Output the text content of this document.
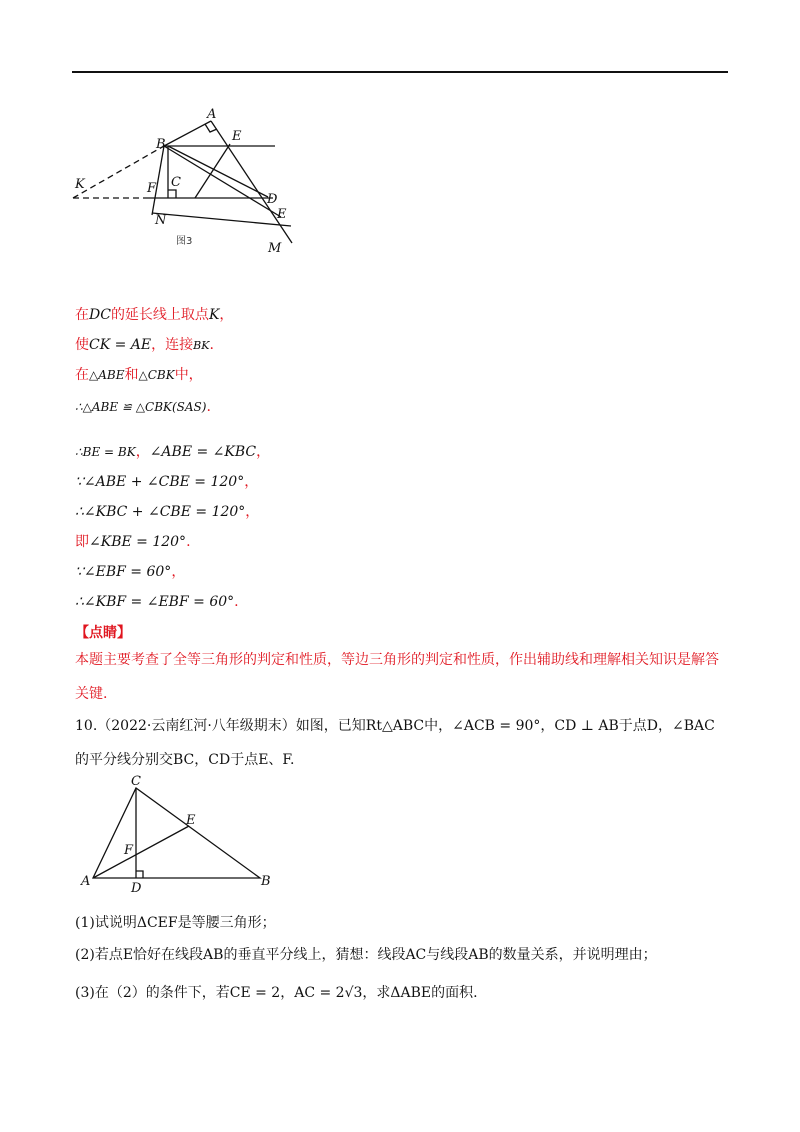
A
B
C
D
E
E
F
K
N
M
图3
在DC的延长线上取点K，
使CK = AE，连接BK.
在△ABE和△CBK中，
∴△ABE ≌ △CBK(SAS).
∴BE = BK，∠ABE = ∠KBC，
∵∠ABE + ∠CBE = 120°，
∴∠KBC + ∠CBE = 120°，
即∠KBE = 120°.
∵∠EBF = 60°，
∴∠KBF = ∠EBF = 60°.
【点睛】
本题主要考查了全等三角形的判定和性质，等边三角形的判定和性质，作出辅助线和理解相关知识是解答关键.
10.（2022·云南红河·八年级期末）如图，已知Rt△ABC中，∠ACB = 90°，CD ⊥ AB于点D，∠BAC的平分线分别交BC，CD于点E、F.
C
E
F
A	D	B
(1)试说明ΔCEF是等腰三角形；
(2)若点E恰好在线段AB的垂直平分线上，猜想：线段AC与线段AB的数量关系，并说明理由；
(3)在（2）的条件下，若CE = 2，AC = 2√3，求ΔABE的面积.
